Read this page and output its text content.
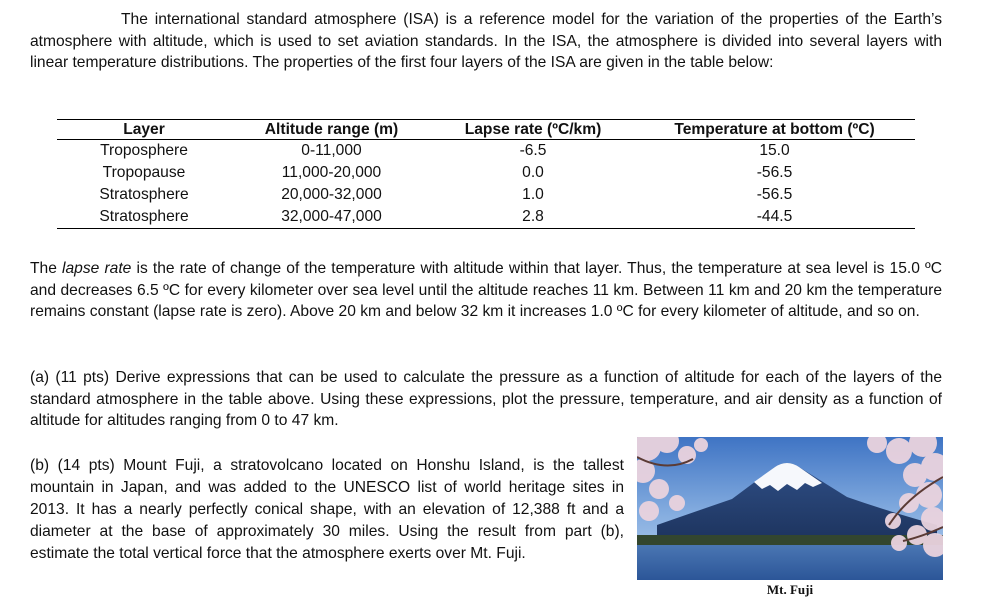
The international standard atmosphere (ISA) is a reference model for the variation of the properties of the Earth’s atmosphere with altitude, which is used to set aviation standards. In the ISA, the atmosphere is divided into several layers with linear temperature distributions. The properties of the first four layers of the ISA are given in the table below:
Layer	Altitude range (m)	Lapse rate (ºC/km)	Temperature at bottom (ºC)
Troposphere	0-11,000	-6.5	15.0
Tropopause	11,000-20,000	0.0	-56.5
Stratosphere	20,000-32,000	1.0	-56.5
Stratosphere	32,000-47,000	2.8	-44.5
The lapse rate is the rate of change of the temperature with altitude within that layer. Thus, the temperature at sea level is 15.0 ºC and decreases 6.5 ºC for every kilometer over sea level until the altitude reaches 11 km. Between 11 km and 20 km the temperature remains constant (lapse rate is zero). Above 20 km and below 32 km it increases 1.0 ºC for every kilometer of altitude, and so on.
(a) (11 pts) Derive expressions that can be used to calculate the pressure as a function of altitude for each of the layers of the standard atmosphere in the table above. Using these expressions, plot the pressure, temperature, and air density as a function of altitude for altitudes ranging from 0 to 47 km.
(b) (14 pts) Mount Fuji, a stratovolcano located on Honshu Island, is the tallest mountain in Japan, and was added to the UNESCO list of world heritage sites in 2013. It has a nearly perfectly conical shape, with an elevation of 12,388 ft and a diameter at the base of approximately 30 miles. Using the result from part (b), estimate the total vertical force that the atmosphere exerts over Mt. Fuji.
Mt. Fuji
